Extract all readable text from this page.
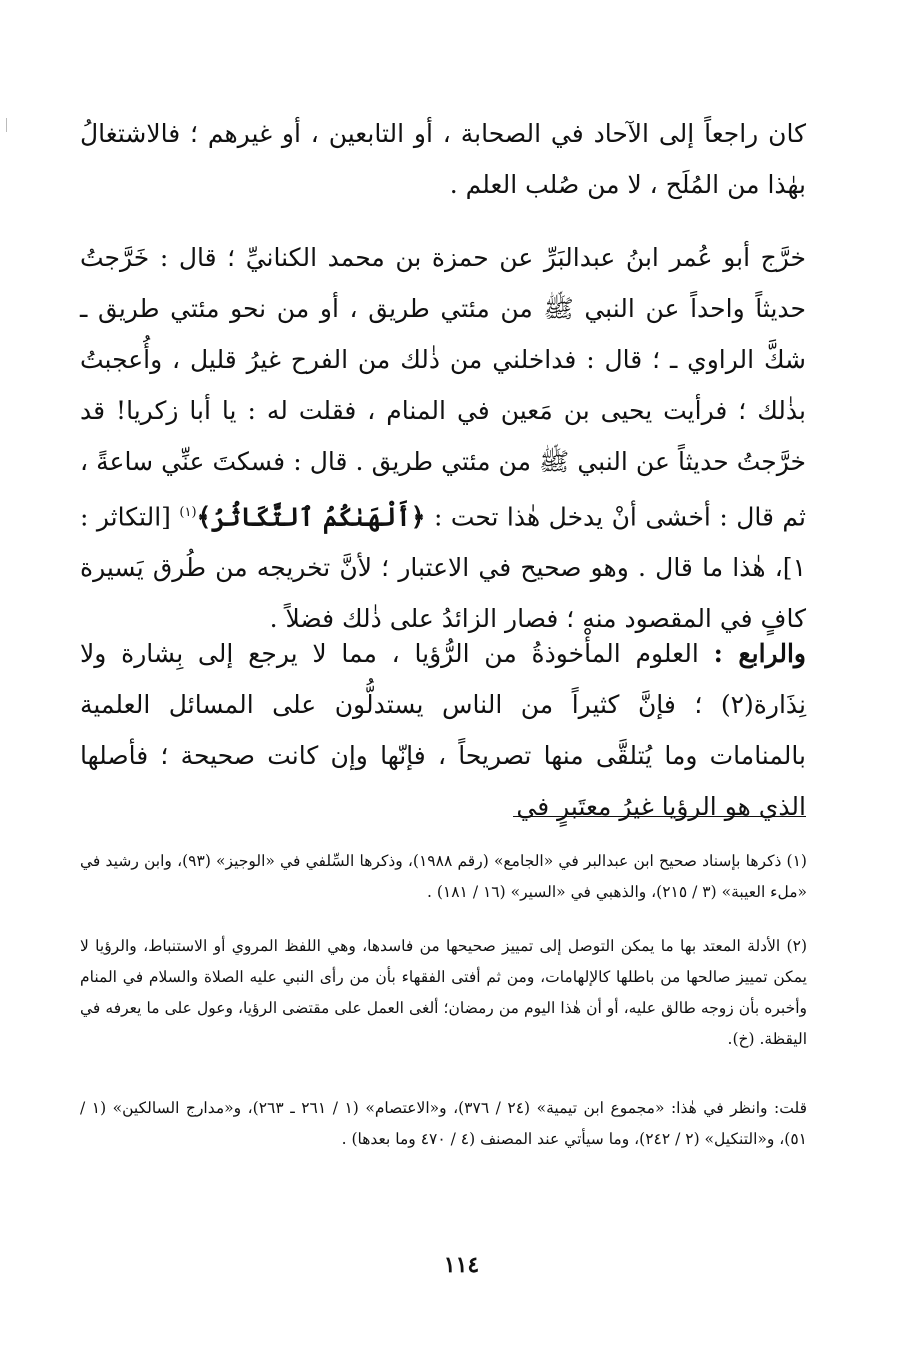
كان راجعاً إلى الآحاد في الصحابة ، أو التابعين ، أو غيرهم ؛ فالاشتغالُ بهٰذا من المُلَح ، لا من صُلب العلم .

خرَّج أبو عُمر ابنُ عبدالبَرِّ عن حمزة بن محمد الكنانيِّ ؛ قال : خَرَّجتُ حديثاً واحداً عن النبي ﷺ من مئتي طريق ، أو من نحو مئتي طريق ـ شكَّ الراوي ـ ؛ قال : فداخلني من ذٰلك من الفرح غيرُ قليل ، وأُعجبتُ بذٰلك ؛ فرأيت يحيى بن مَعين في المنام ، فقلت له : يا أبا زكريا! قد خرَّجتُ حديثاً عن النبي ﷺ من مئتي طريق . قال : فسكتَ عنِّي ساعةً ، ثم قال : أخشى أنْ يدخل هٰذا تحت : ﴿أَلْهَىٰكُمُ ٱلتَّكَاثُرُ﴾$^{(١)}$ [التكاثر : ١]، هٰذا ما قال . وهو صحيح في الاعتبار ؛ لأنَّ تخريجه من طُرق يَسيرة كافٍ في المقصود منه ؛ فصار الزائدُ على ذٰلك فضلاً .

والرابع : العلوم المأْخوذةُ من الرُّؤيا ، مما لا يرجع إلى بِشارة ولا نِذَارة(٢) ؛ فإنَّ كثيراً من الناس يستدلُّون على المسائل العلمية بالمنامات وما يُتلقَّى منها تصريحاً ، فإنّها وإن كانت صحيحة ؛ فأصلها الذي هو الرؤيا غيرُ معتَبرٍ في

(١) ذكرها بإسناد صحيح ابن عبدالبر في «الجامع» (رقم ١٩٨٨)، وذكرها السِّلفي في «الوجيز» (٩٣)، وابن رشيد في «ملء العيبة» (٣ / ٢١٥)، والذهبي في «السير» (١٦ / ١٨١) .

(٢) الأدلة المعتد بها ما يمكن التوصل إلى تمييز صحيحها من فاسدها، وهي اللفظ المروي أو الاستنباط، والرؤيا لا يمكن تمييز صالحها من باطلها كالإلهامات، ومن ثم أفتى الفقهاء بأن من رأى النبي عليه الصلاة والسلام في المنام وأخبره بأن زوجه طالق عليه، أو أن هٰذا اليوم من رمضان؛ ألغى العمل على مقتضى الرؤيا، وعول على ما يعرفه في اليقظة. (خ).

قلت: وانظر في هٰذا: «مجموع ابن تيمية» (٢٤ / ٣٧٦)، و«الاعتصام» (١ / ٢٦١ ـ ٢٦٣)، و«مدارج السالكين» (١ / ٥١)، و«التنكيل» (٢ / ٢٤٢)، وما سيأتي عند المصنف (٤ / ٤٧٠ وما بعدها) .

١١٤
